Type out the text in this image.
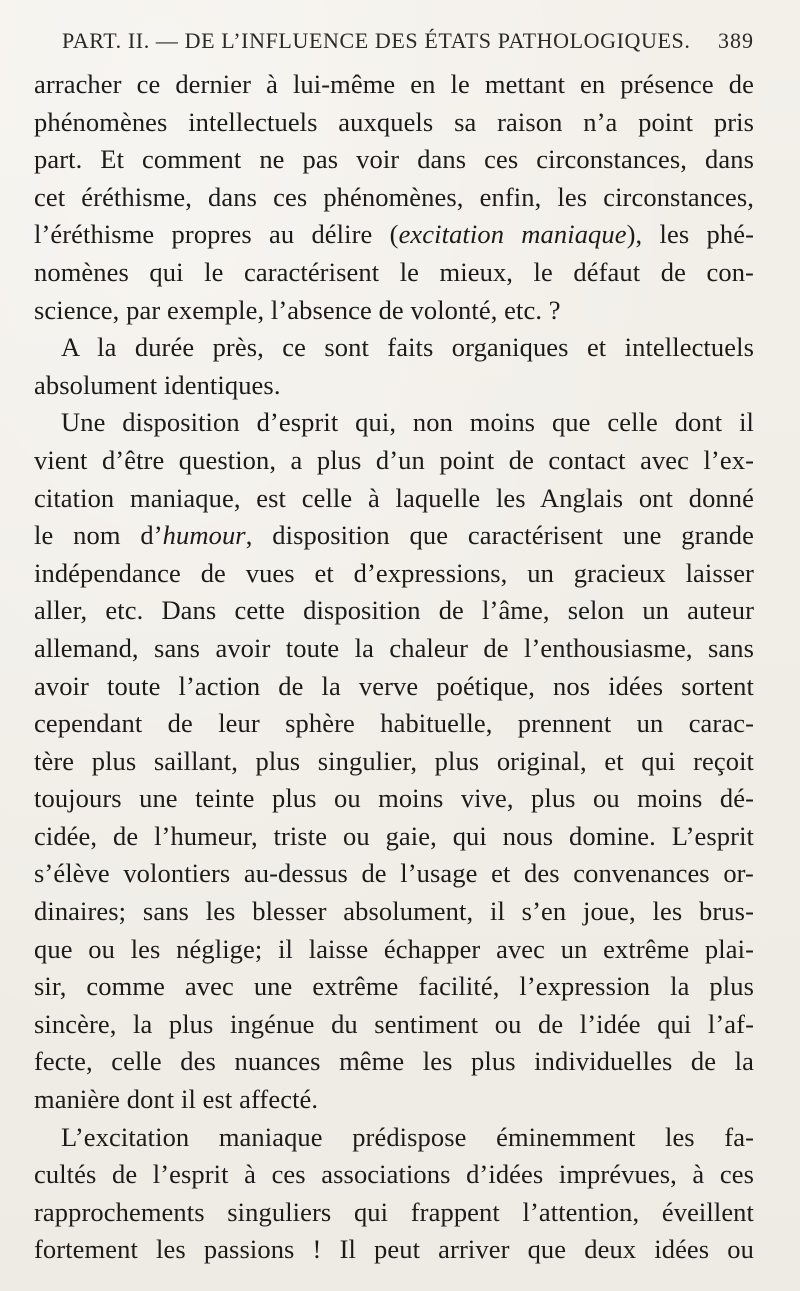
PART. II. — DE L’INFLUENCE DES ÉTATS PATHOLOGIQUES. 389
arracher ce dernier à lui-même en le mettant en présence de
phénomènes intellectuels auxquels sa raison n’a point pris
part. Et comment ne pas voir dans ces circonstances, dans
cet éréthisme, dans ces phénomènes, enfin, les circonstances,
l’éréthisme propres au délire (excitation maniaque), les phé-
nomènes qui le caractérisent le mieux, le défaut de con-
science, par exemple, l’absence de volonté, etc. ?
A la durée près, ce sont faits organiques et intellectuels
absolument identiques.
Une disposition d’esprit qui, non moins que celle dont il
vient d’être question, a plus d’un point de contact avec l’ex-
citation maniaque, est celle à laquelle les Anglais ont donné
le nom d’humour, disposition que caractérisent une grande
indépendance de vues et d’expressions, un gracieux laisser
aller, etc. Dans cette disposition de l’âme, selon un auteur
allemand, sans avoir toute la chaleur de l’enthousiasme, sans
avoir toute l’action de la verve poétique, nos idées sortent
cependant de leur sphère habituelle, prennent un carac-
tère plus saillant, plus singulier, plus original, et qui reçoit
toujours une teinte plus ou moins vive, plus ou moins dé-
cidée, de l’humeur, triste ou gaie, qui nous domine. L’esprit
s’élève volontiers au-dessus de l’usage et des convenances or-
dinaires; sans les blesser absolument, il s’en joue, les brus-
que ou les néglige; il laisse échapper avec un extrême plai-
sir, comme avec une extrême facilité, l’expression la plus
sincère, la plus ingénue du sentiment ou de l’idée qui l’af-
fecte, celle des nuances même les plus individuelles de la
manière dont il est affecté.
L’excitation maniaque prédispose éminemment les fa-
cultés de l’esprit à ces associations d’idées imprévues, à ces
rapprochements singuliers qui frappent l’attention, éveillent
fortement les passions ! Il peut arriver que deux idées ou
